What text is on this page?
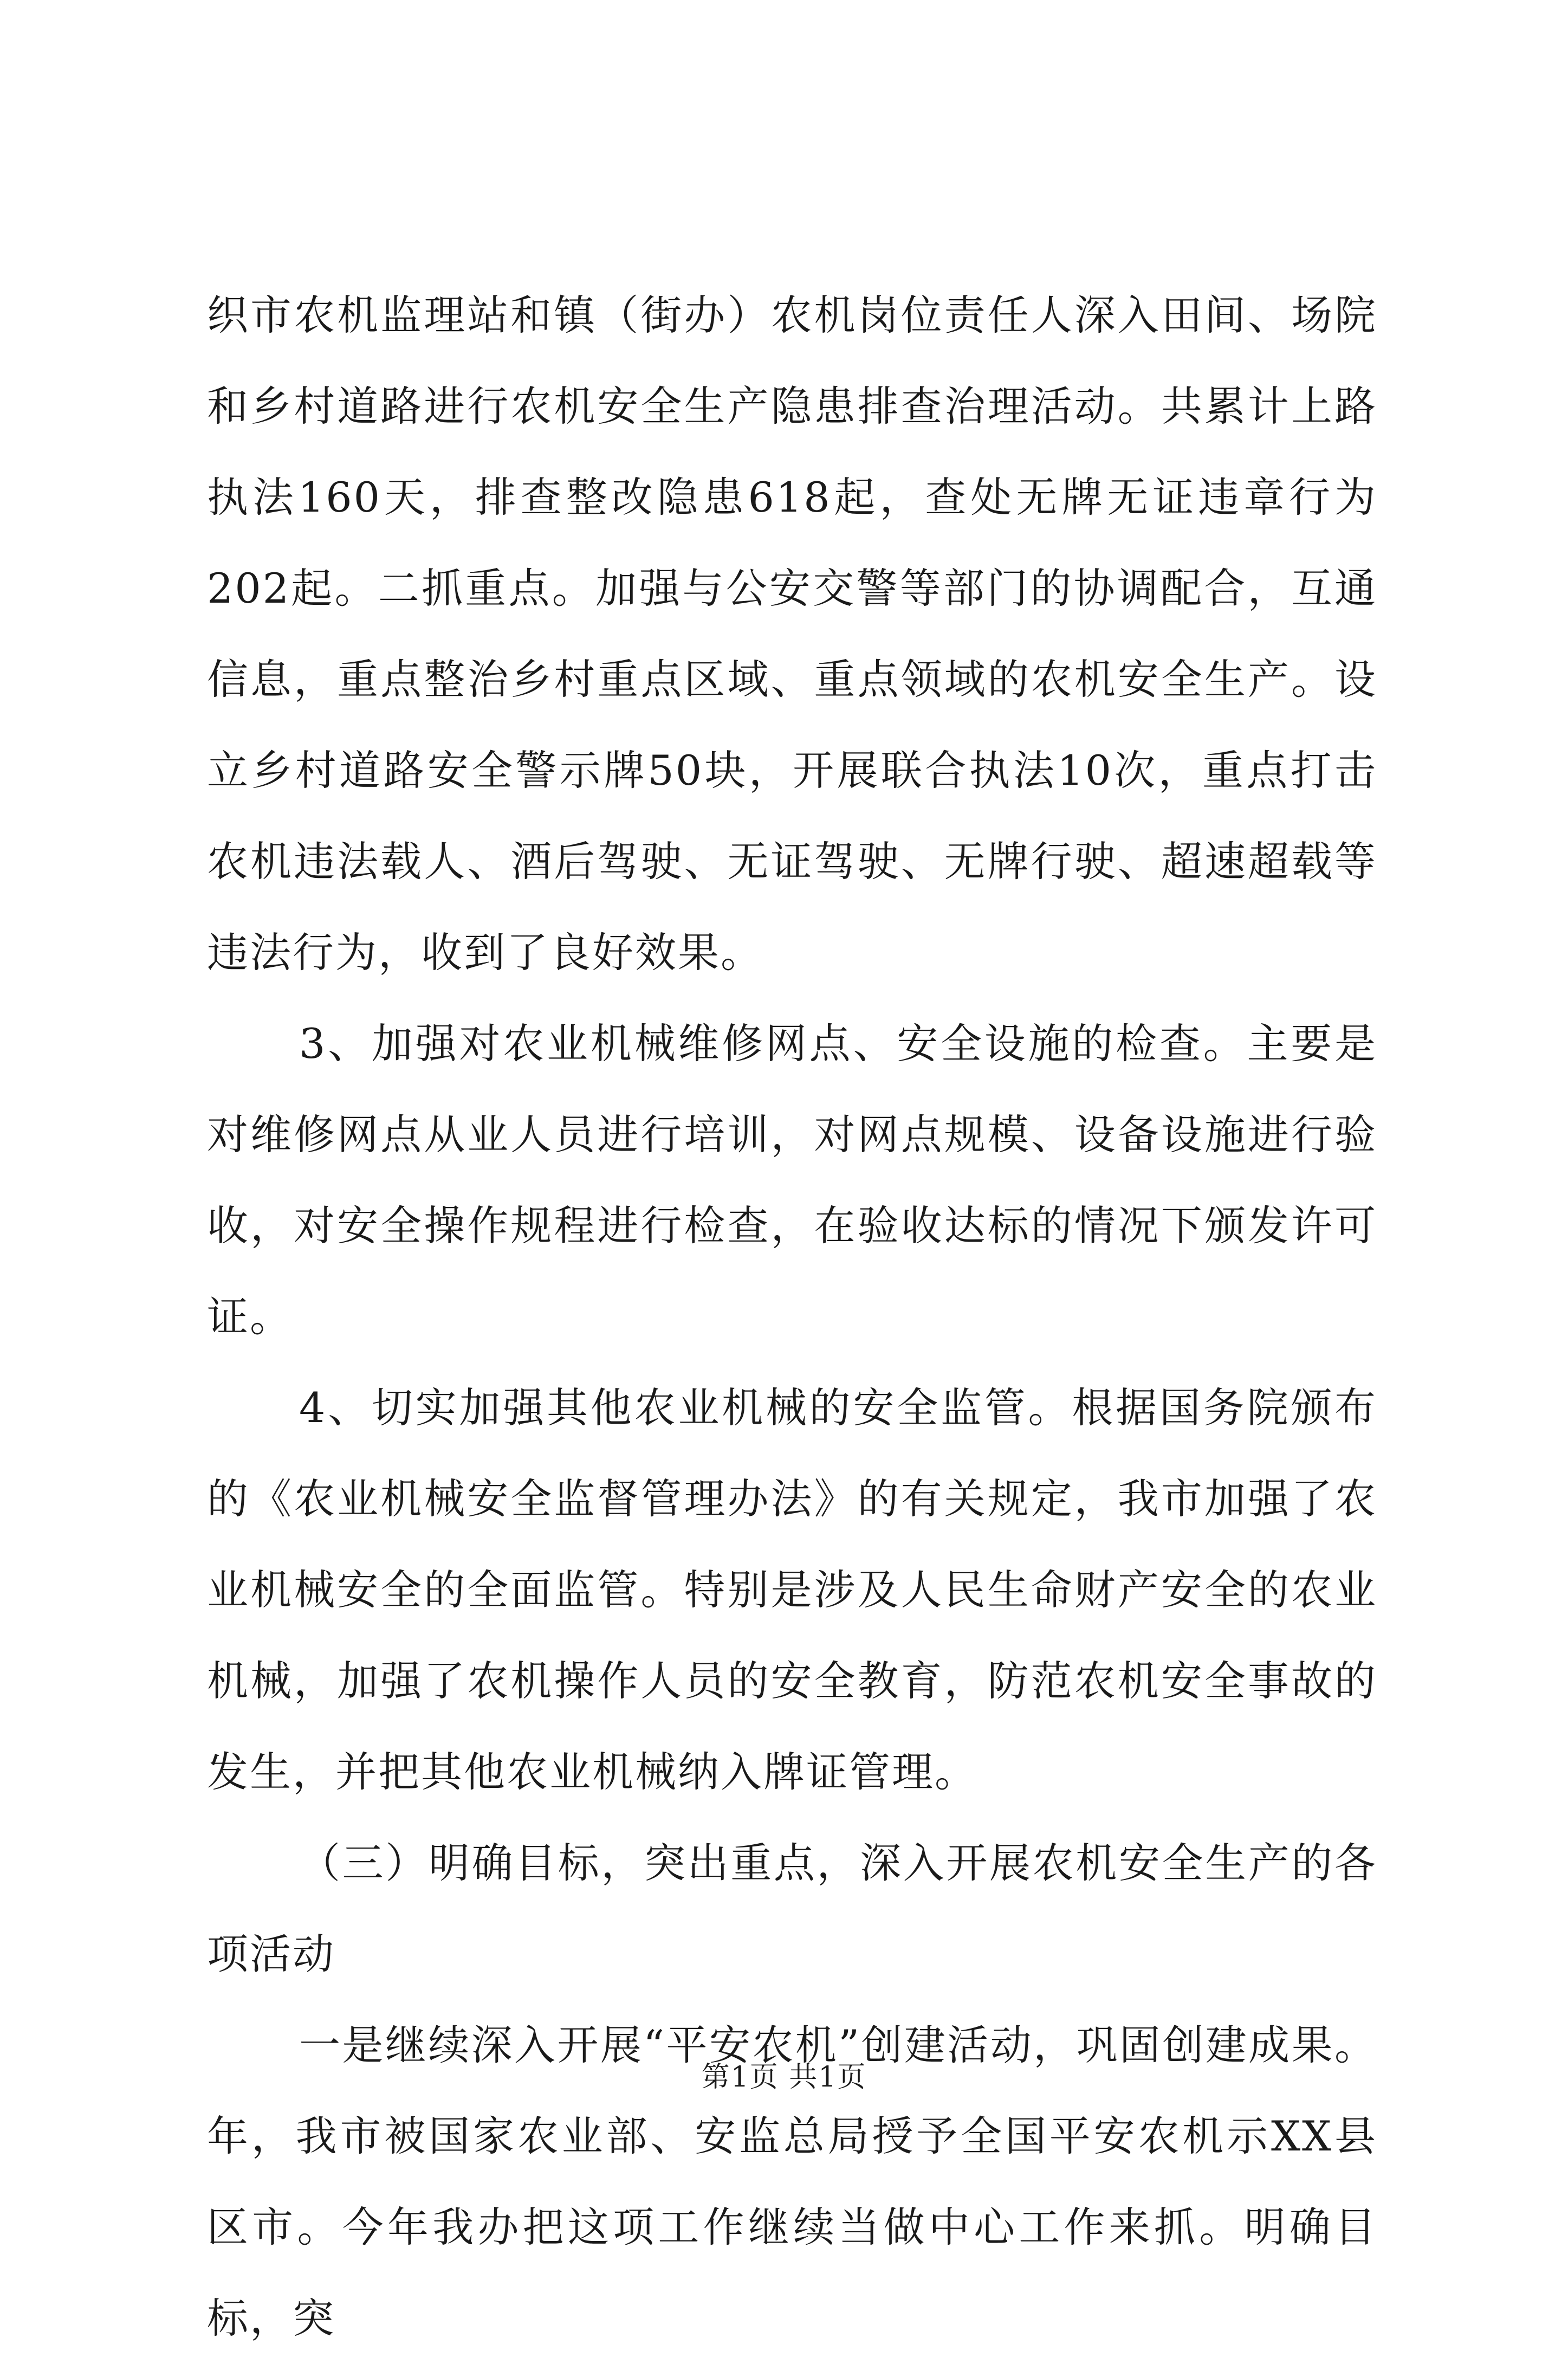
织市农机监理站和镇（街办）农机岗位责任人深入田间、场院和乡村道路进行农机安全生产隐患排查治理活动。共累计上路执法160天，排查整改隐患618起，查处无牌无证违章行为202起。二抓重点。加强与公安交警等部门的协调配合，互通信息，重点整治乡村重点区域、重点领域的农机安全生产。设立乡村道路安全警示牌50块，开展联合执法10次，重点打击农机违法载人、酒后驾驶、无证驾驶、无牌行驶、超速超载等违法行为，收到了良好效果。

3、加强对农业机械维修网点、安全设施的检查。主要是对维修网点从业人员进行培训，对网点规模、设备设施进行验收，对安全操作规程进行检查，在验收达标的情况下颁发许可证。

4、切实加强其他农业机械的安全监管。根据国务院颁布的《农业机械安全监督管理办法》的有关规定，我市加强了农业机械安全的全面监管。特别是涉及人民生命财产安全的农业机械，加强了农机操作人员的安全教育，防范农机安全事故的发生，并把其他农业机械纳入牌证管理。

（三）明确目标，突出重点，深入开展农机安全生产的各项活动

一是继续深入开展“平安农机”创建活动，巩固创建成果。年，我市被国家农业部、安监总局授予全国平安农机示XX县区市。今年我办把这项工作继续当做中心工作来抓。明确目标，突

第1页 共1页
